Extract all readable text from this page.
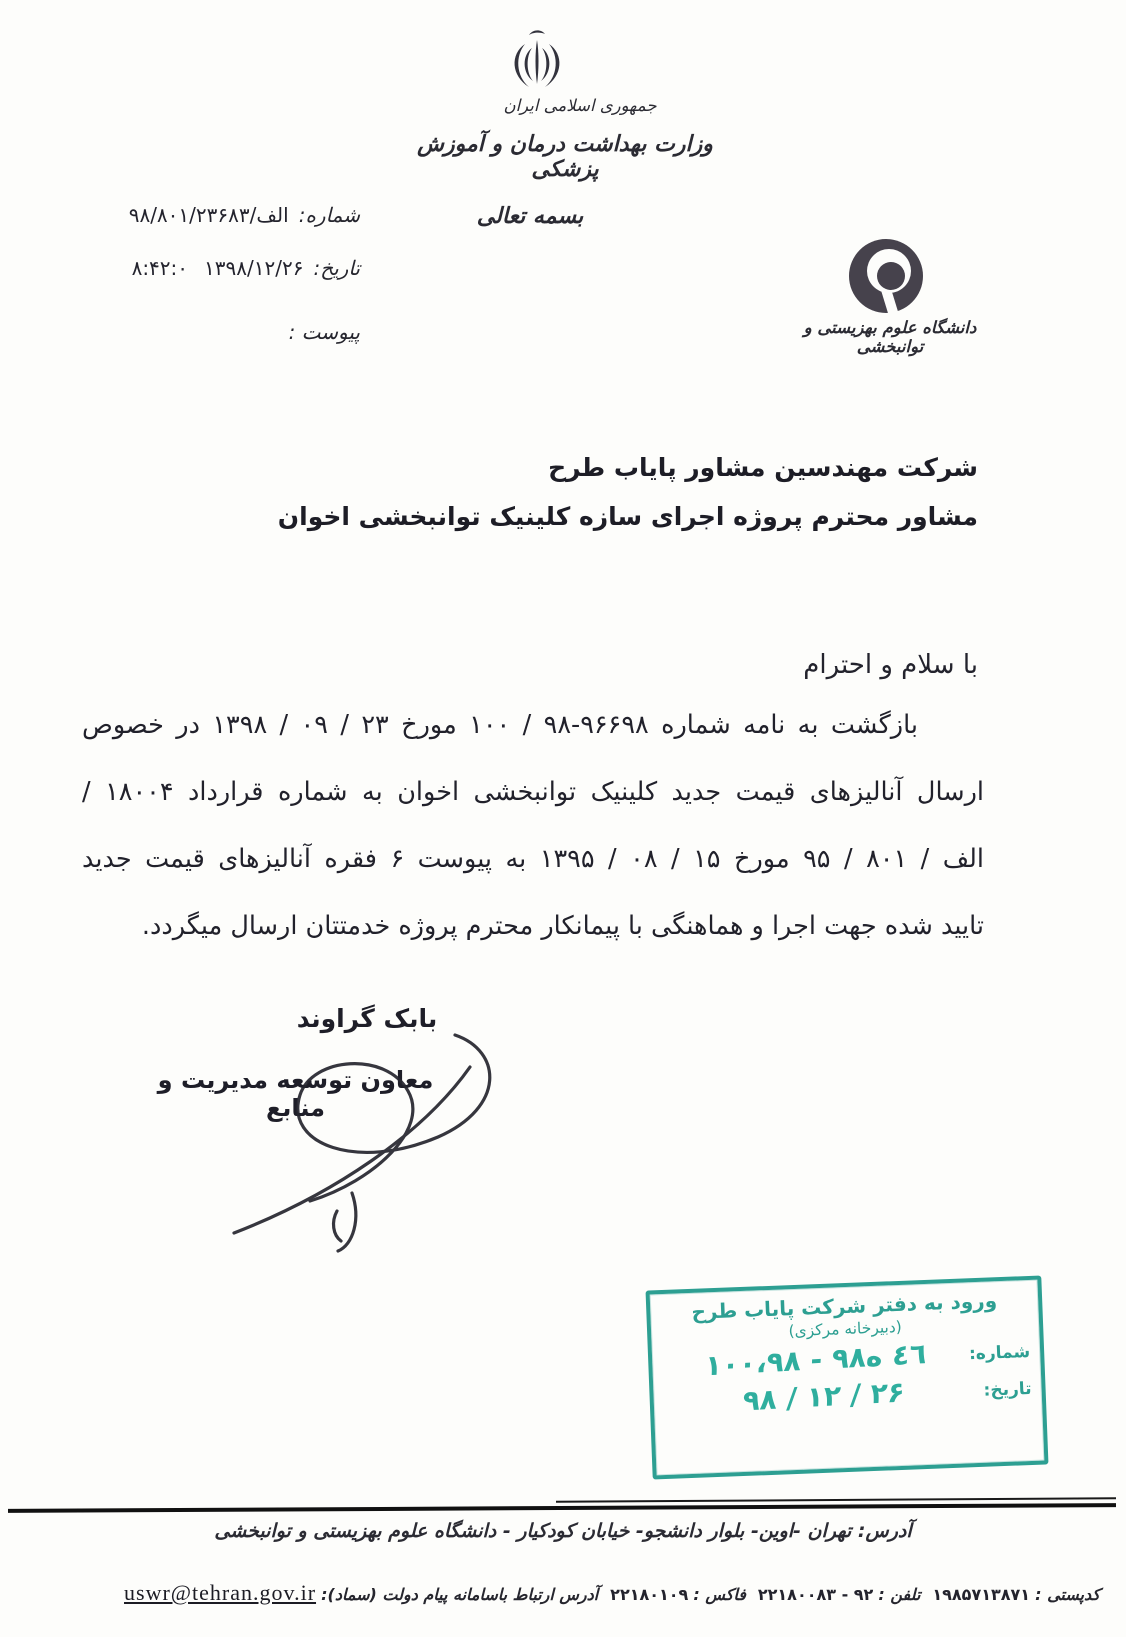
جمهوری اسلامی ایران
وزارت بهداشت درمان و آموزش پزشکی
بسمه تعالی
شماره:
۹۸/۸۰۱/الف/۲۳۶۸۳
تاریخ:
۱۳۹۸/۱۲/۲۶
۸:۴۲:۰
پیوست :	دانشگاه علوم بهزیستی و توانبخشی
شرکت مهندسین مشاور پایاب طرح
مشاور محترم پروژه اجرای سازه کلینیک توانبخشی اخوان
با سلام و احترام
بازگشت به نامه شماره ۹۶۶۹۸-۹۸ / ۱۰۰ مورخ ۲۳ / ۰۹ / ۱۳۹۸ در خصوص
ارسال آنالیزهای قیمت جدید کلینیک توانبخشی اخوان به شماره قرارداد ۱۸۰۰۴ /
الف / ۸۰۱ / ۹۵ مورخ ۱۵ / ۰۸ / ۱۳۹۵ به پیوست ۶ فقره آنالیزهای قیمت جدید
تایید شده جهت اجرا و هماهنگی با پیمانکار محترم پروژه خدمتتان ارسال میگردد.
بابک گراوند
معاون توسعه مدیریت و منابع
ورود به دفتر شرکت پایاب طرح
(دبیرخانه مرکزی)
شماره:
۱۰۰،۹۸ - ۹۸٤٦ ه
تاریخ:
۹۸ / ۱۲ / ۲۶
آدرس: تهران -اوین- بلوار دانشجو- خیابان کودکیار - دانشگاه علوم بهزیستی و توانبخشی
کدپستی : ۱۹۸۵۷۱۳۸۷۱
تلفن : ۹۲ - ۲۲۱۸۰۰۸۳
فاکس : ۲۲۱۸۰۱۰۹
آدرس ارتباط باسامانه پیام دولت (سماد): uswr@tehran.gov.ir
